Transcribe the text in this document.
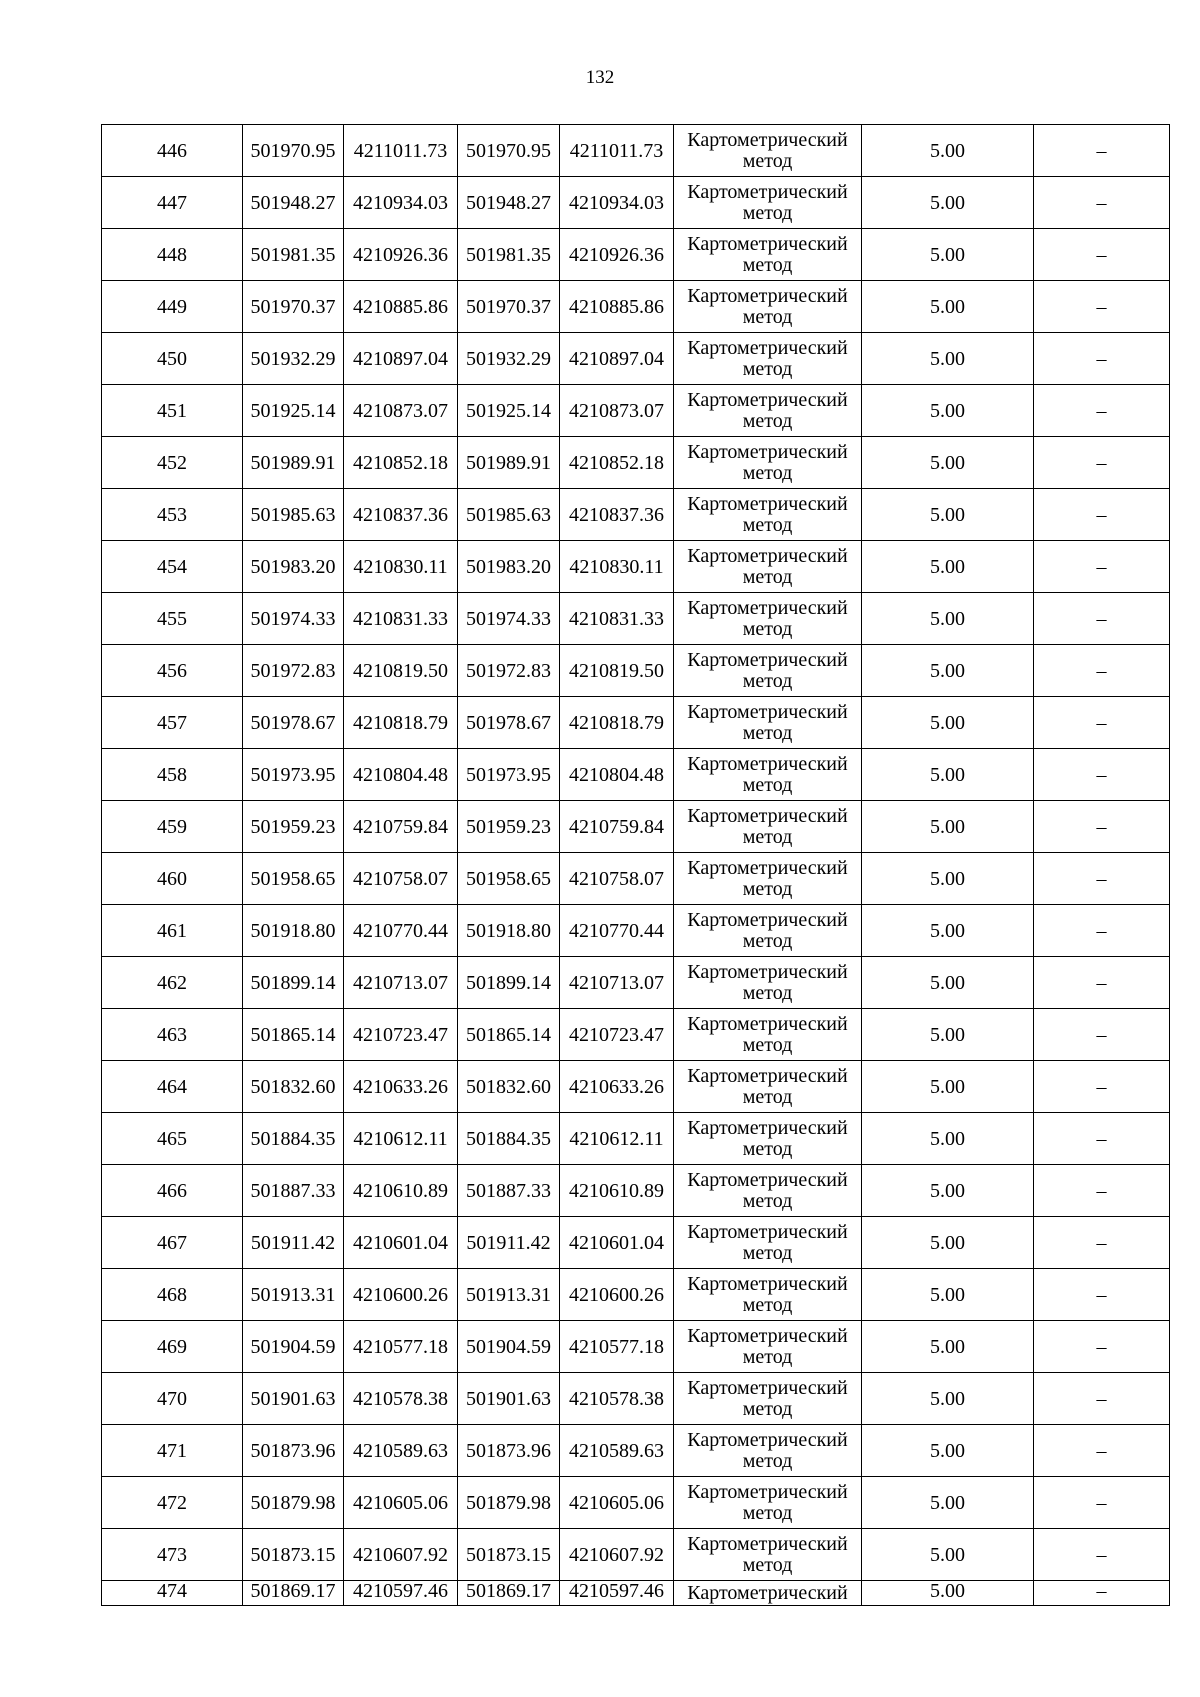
132
446	501970.95	4211011.73	501970.95	4211011.73	Картометрический
метод	5.00	–
447	501948.27	4210934.03	501948.27	4210934.03	Картометрический
метод	5.00	–
448	501981.35	4210926.36	501981.35	4210926.36	Картометрический
метод	5.00	–
449	501970.37	4210885.86	501970.37	4210885.86	Картометрический
метод	5.00	–
450	501932.29	4210897.04	501932.29	4210897.04	Картометрический
метод	5.00	–
451	501925.14	4210873.07	501925.14	4210873.07	Картометрический
метод	5.00	–
452	501989.91	4210852.18	501989.91	4210852.18	Картометрический
метод	5.00	–
453	501985.63	4210837.36	501985.63	4210837.36	Картометрический
метод	5.00	–
454	501983.20	4210830.11	501983.20	4210830.11	Картометрический
метод	5.00	–
455	501974.33	4210831.33	501974.33	4210831.33	Картометрический
метод	5.00	–
456	501972.83	4210819.50	501972.83	4210819.50	Картометрический
метод	5.00	–
457	501978.67	4210818.79	501978.67	4210818.79	Картометрический
метод	5.00	–
458	501973.95	4210804.48	501973.95	4210804.48	Картометрический
метод	5.00	–
459	501959.23	4210759.84	501959.23	4210759.84	Картометрический
метод	5.00	–
460	501958.65	4210758.07	501958.65	4210758.07	Картометрический
метод	5.00	–
461	501918.80	4210770.44	501918.80	4210770.44	Картометрический
метод	5.00	–
462	501899.14	4210713.07	501899.14	4210713.07	Картометрический
метод	5.00	–
463	501865.14	4210723.47	501865.14	4210723.47	Картометрический
метод	5.00	–
464	501832.60	4210633.26	501832.60	4210633.26	Картометрический
метод	5.00	–
465	501884.35	4210612.11	501884.35	4210612.11	Картометрический
метод	5.00	–
466	501887.33	4210610.89	501887.33	4210610.89	Картометрический
метод	5.00	–
467	501911.42	4210601.04	501911.42	4210601.04	Картометрический
метод	5.00	–
468	501913.31	4210600.26	501913.31	4210600.26	Картометрический
метод	5.00	–
469	501904.59	4210577.18	501904.59	4210577.18	Картометрический
метод	5.00	–
470	501901.63	4210578.38	501901.63	4210578.38	Картометрический
метод	5.00	–
471	501873.96	4210589.63	501873.96	4210589.63	Картометрический
метод	5.00	–
472	501879.98	4210605.06	501879.98	4210605.06	Картометрический
метод	5.00	–
473	501873.15	4210607.92	501873.15	4210607.92	Картометрический
метод	5.00	–
474	501869.17	4210597.46	501869.17	4210597.46	Картометрический	5.00	–
